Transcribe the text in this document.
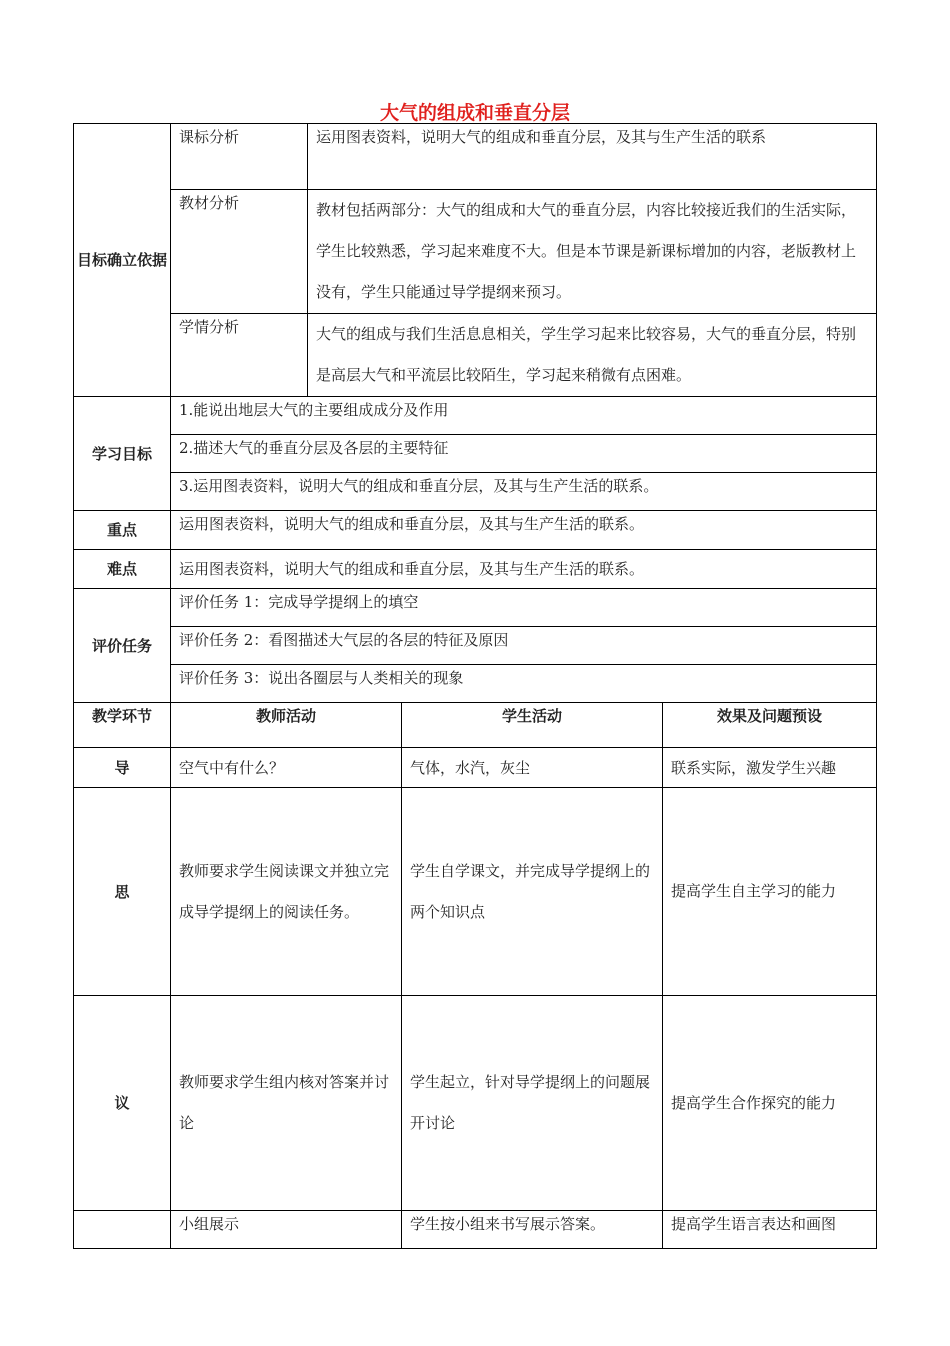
大气的组成和垂直分层
目标确立依据	课标分析	运用图表资料，说明大气的组成和垂直分层，及其与生产生活的联系		
	教材分析	教材包括两部分：大气的组成和大气的垂直分层，内容比较接近我们的生活实际，学生比较熟悉，学习起来难度不大。但是本节课是新课标增加的内容，老版教材上没有，学生只能通过导学提纲来预习。		
	学情分析	大气的组成与我们生活息息相关，学生学习起来比较容易，大气的垂直分层，特别是高层大气和平流层比较陌生，学习起来稍微有点困难。		
学习目标	1.能说出地层大气的主要组成成分及作用			
	2.描述大气的垂直分层及各层的主要特征			
	3.运用图表资料，说明大气的组成和垂直分层，及其与生产生活的联系。			
重点	运用图表资料，说明大气的组成和垂直分层，及其与生产生活的联系。			
难点	运用图表资料，说明大气的组成和垂直分层，及其与生产生活的联系。			
评价任务	评价任务 1：完成导学提纲上的填空			
	评价任务 2：看图描述大气层的各层的特征及原因			
	评价任务 3：说出各圈层与人类相关的现象			
教学环节	教师活动		学生活动	效果及问题预设
导	空气中有什么？		气体，水汽，灰尘	联系实际，激发学生兴趣
思	教师要求学生阅读课文并独立完成导学提纲上的阅读任务。		学生自学课文，并完成导学提纲上的两个知识点	提高学生自主学习的能力
议	教师要求学生组内核对答案并讨论		学生起立，针对导学提纲上的问题展开讨论	提高学生合作探究的能力
	小组展示		学生按小组来书写展示答案。	提高学生语言表达和画图
